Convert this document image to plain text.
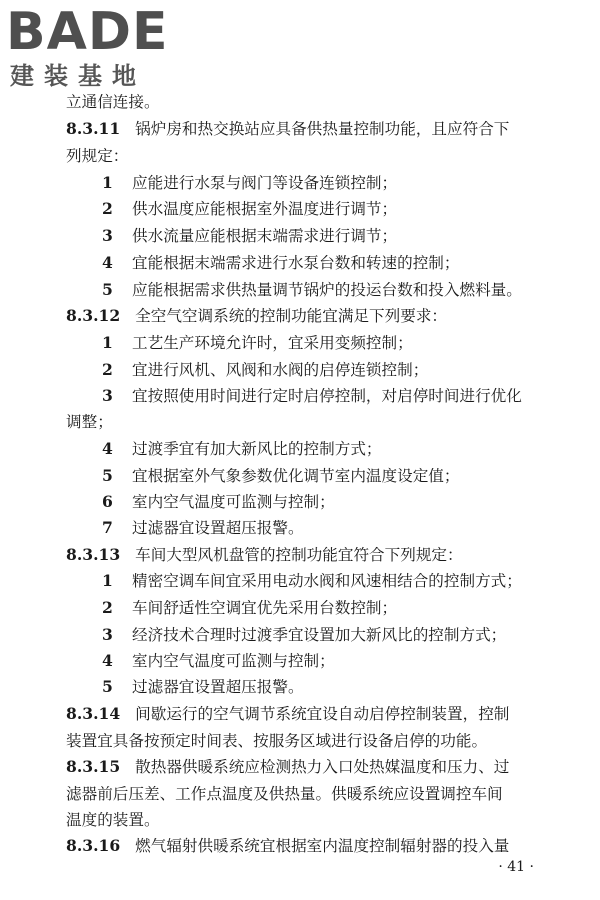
BADE
建装基地
立通信连接。
8.3.11 锅炉房和热交换站应具备供热量控制功能，且应符合下
列规定：
1 应能进行水泵与阀门等设备连锁控制；
2 供水温度应能根据室外温度进行调节；
3 供水流量应能根据末端需求进行调节；
4 宜能根据末端需求进行水泵台数和转速的控制；
5 应能根据需求供热量调节锅炉的投运台数和投入燃料量。
8.3.12 全空气空调系统的控制功能宜满足下列要求：
1 工艺生产环境允许时，宜采用变频控制；
2 宜进行风机、风阀和水阀的启停连锁控制；
3 宜按照使用时间进行定时启停控制，对启停时间进行优化
调整；
4 过渡季宜有加大新风比的控制方式；
5 宜根据室外气象参数优化调节室内温度设定值；
6 室内空气温度可监测与控制；
7 过滤器宜设置超压报警。
8.3.13 车间大型风机盘管的控制功能宜符合下列规定：
1 精密空调车间宜采用电动水阀和风速相结合的控制方式；
2 车间舒适性空调宜优先采用台数控制；
3 经济技术合理时过渡季宜设置加大新风比的控制方式；
4 室内空气温度可监测与控制；
5 过滤器宜设置超压报警。
8.3.14 间歇运行的空气调节系统宜设自动启停控制装置，控制
装置宜具备按预定时间表、按服务区域进行设备启停的功能。
8.3.15 散热器供暖系统应检测热力入口处热媒温度和压力、过
滤器前后压差、工作点温度及供热量。供暖系统应设置调控车间
温度的装置。
8.3.16 燃气辐射供暖系统宜根据室内温度控制辐射器的投入量
· 41 ·
